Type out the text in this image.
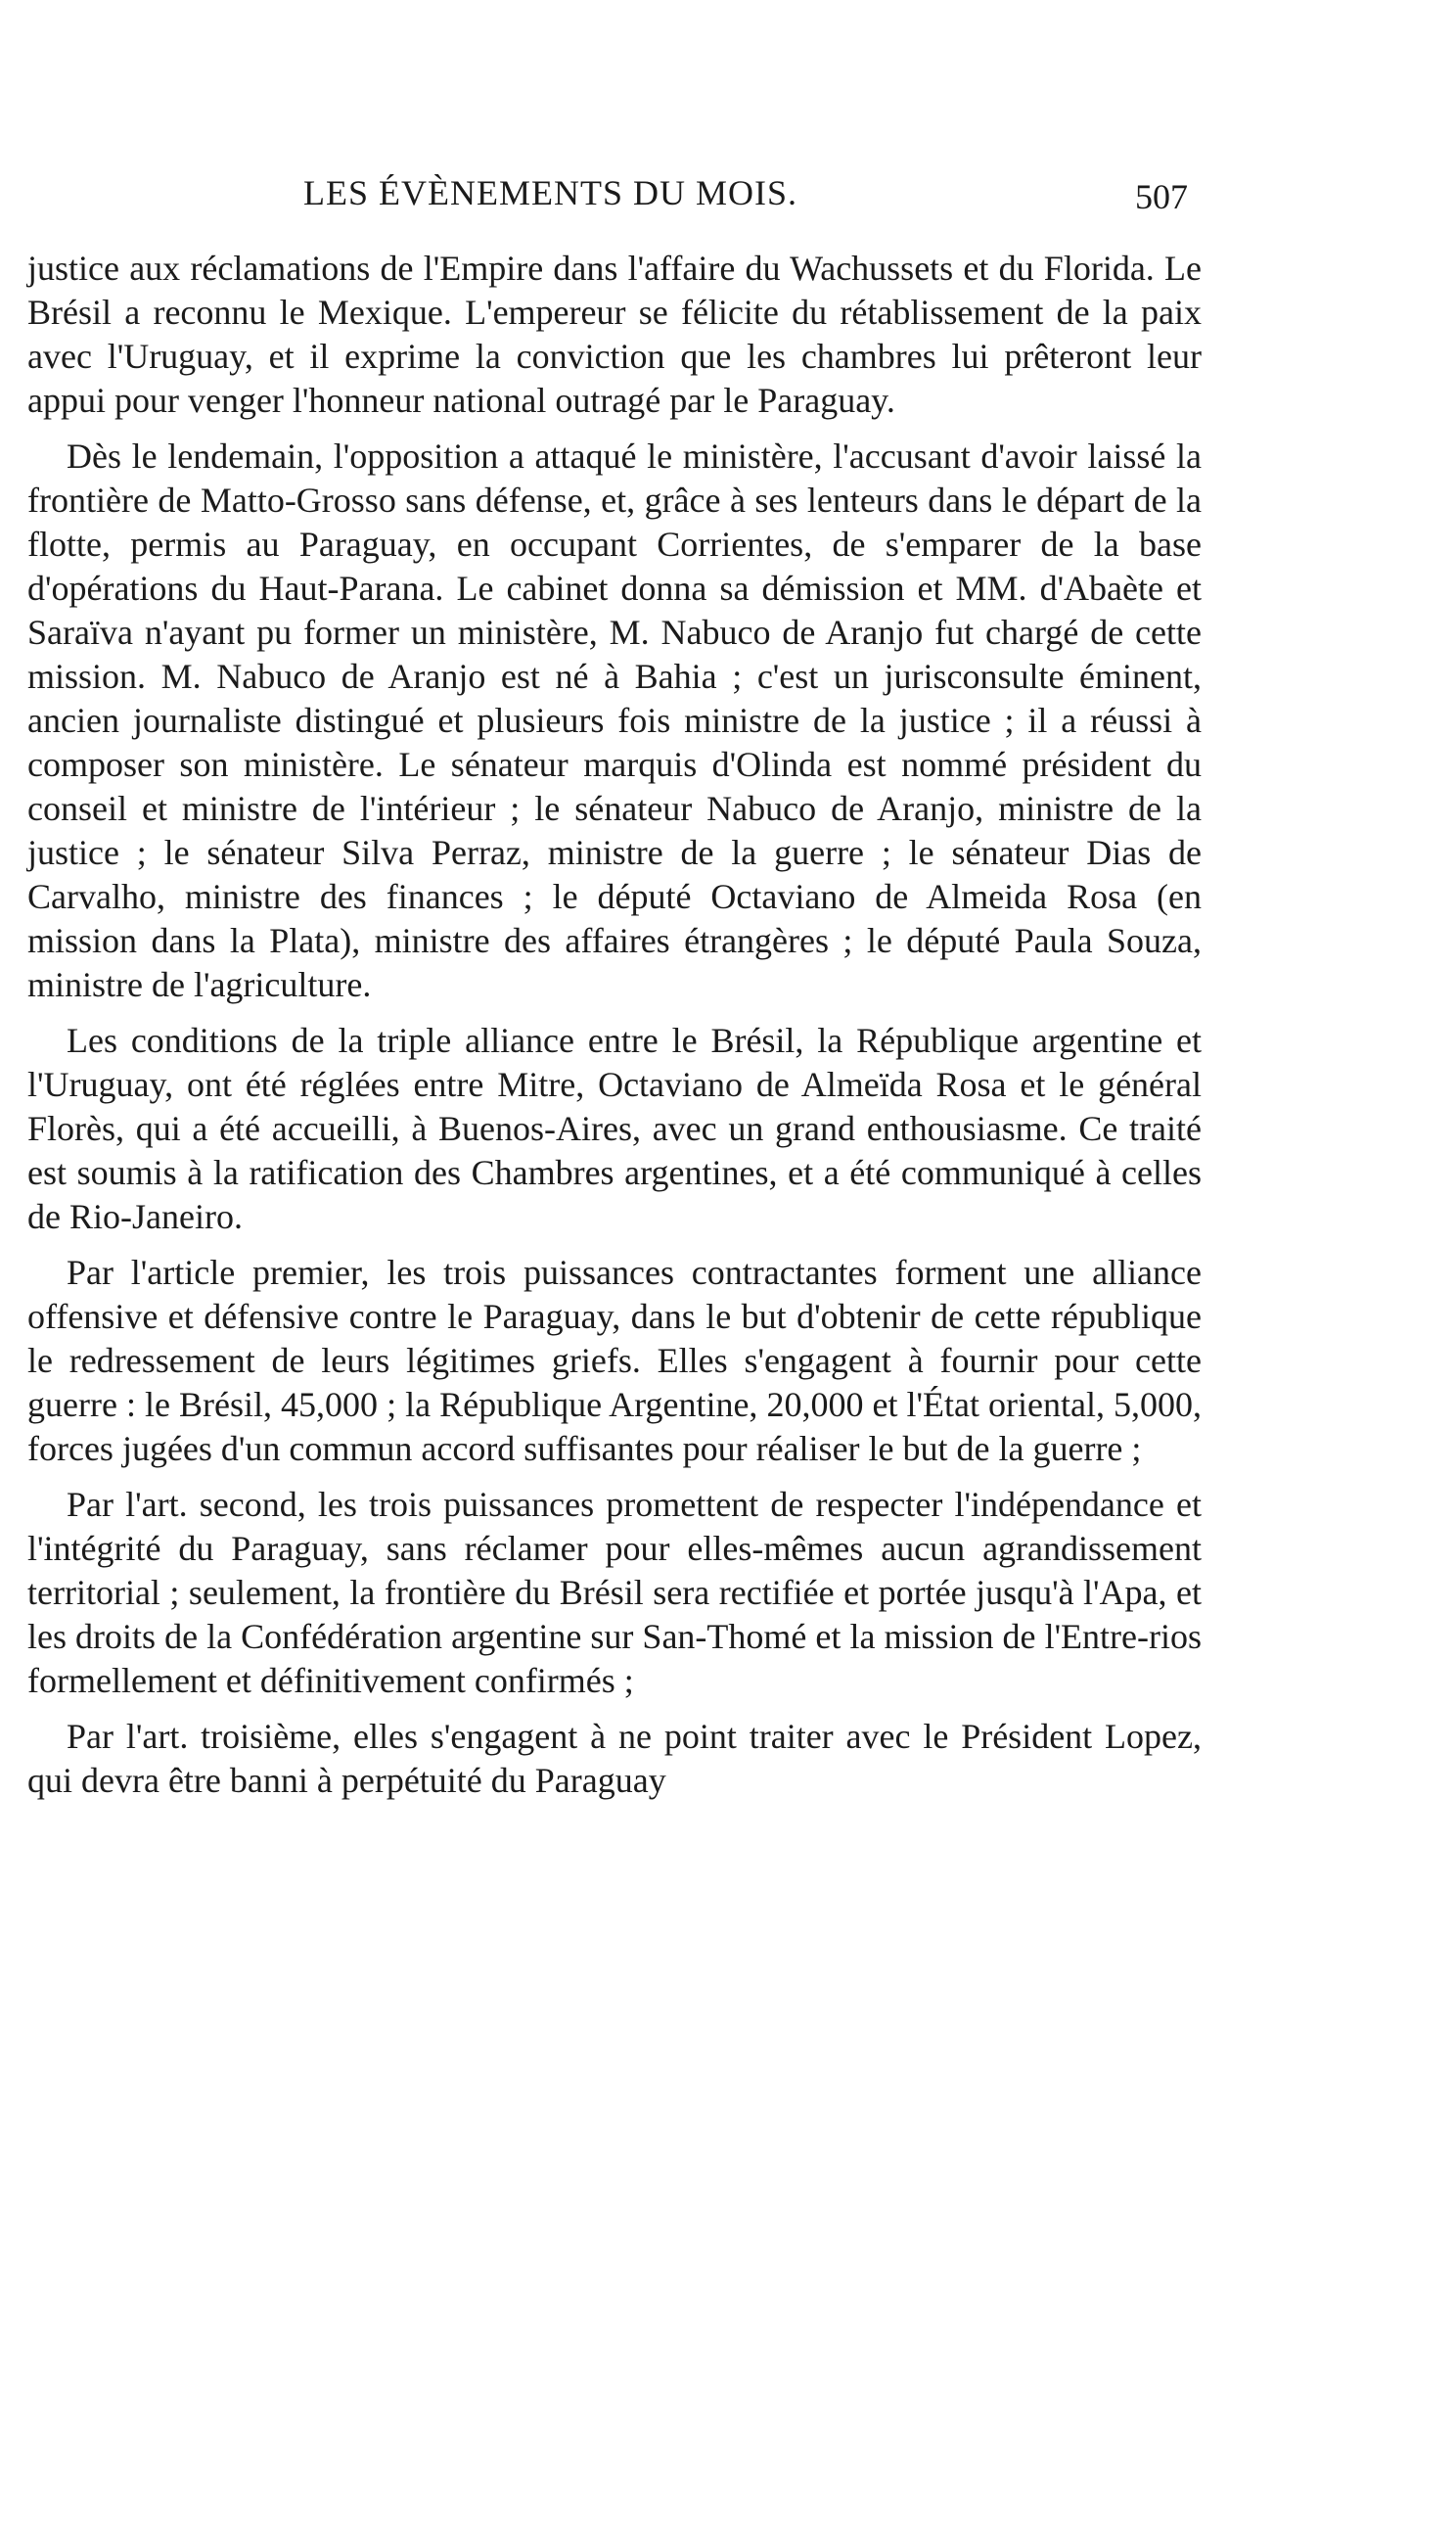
LES ÉVÈNEMENTS DU MOIS.	507

justice aux réclamations de l'Empire dans l'affaire du Wachussets et du Florida. Le Brésil a reconnu le Mexique. L'empereur se félicite du rétablissement de la paix avec l'Uruguay, et il exprime la conviction que les chambres lui prêteront leur appui pour venger l'honneur national outragé par le Paraguay.

Dès le lendemain, l'opposition a attaqué le ministère, l'accusant d'avoir laissé la frontière de Matto-Grosso sans défense, et, grâce à ses lenteurs dans le départ de la flotte, permis au Paraguay, en occupant Corrientes, de s'emparer de la base d'opérations du Haut-Parana. Le cabinet donna sa démission et MM. d'Abaète et Saraïva n'ayant pu former un ministère, M. Nabuco de Aranjo fut chargé de cette mission. M. Nabuco de Aranjo est né à Bahia ; c'est un jurisconsulte éminent, ancien journaliste distingué et plusieurs fois ministre de la justice ; il a réussi à composer son ministère. Le sénateur marquis d'Olinda est nommé président du conseil et ministre de l'intérieur ; le sénateur Nabuco de Aranjo, ministre de la justice ; le sénateur Silva Perraz, ministre de la guerre ; le sénateur Dias de Carvalho, ministre des finances ; le député Octaviano de Almeida Rosa (en mission dans la Plata), ministre des affaires étrangères ; le député Paula Souza, ministre de l'agriculture.

Les conditions de la triple alliance entre le Brésil, la République argentine et l'Uruguay, ont été réglées entre Mitre, Octaviano de Almeïda Rosa et le général Florès, qui a été accueilli, à Buenos-Aires, avec un grand enthousiasme. Ce traité est soumis à la ratification des Chambres argentines, et a été communiqué à celles de Rio-Janeiro.

Par l'article premier, les trois puissances contractantes forment une alliance offensive et défensive contre le Paraguay, dans le but d'obtenir de cette république le redressement de leurs légitimes griefs. Elles s'engagent à fournir pour cette guerre : le Brésil, 45,000 ; la République Argentine, 20,000 et l'État oriental, 5,000, forces jugées d'un commun accord suffisantes pour réaliser le but de la guerre ;

Par l'art. second, les trois puissances promettent de respecter l'indépendance et l'intégrité du Paraguay, sans réclamer pour elles-mêmes aucun agrandissement territorial ; seulement, la frontière du Brésil sera rectifiée et portée jusqu'à l'Apa, et les droits de la Confédération argentine sur San-Thomé et la mission de l'Entre-rios formellement et définitivement confirmés ;

Par l'art. troisième, elles s'engagent à ne point traiter avec le Président Lopez, qui devra être banni à perpétuité du Paraguay
